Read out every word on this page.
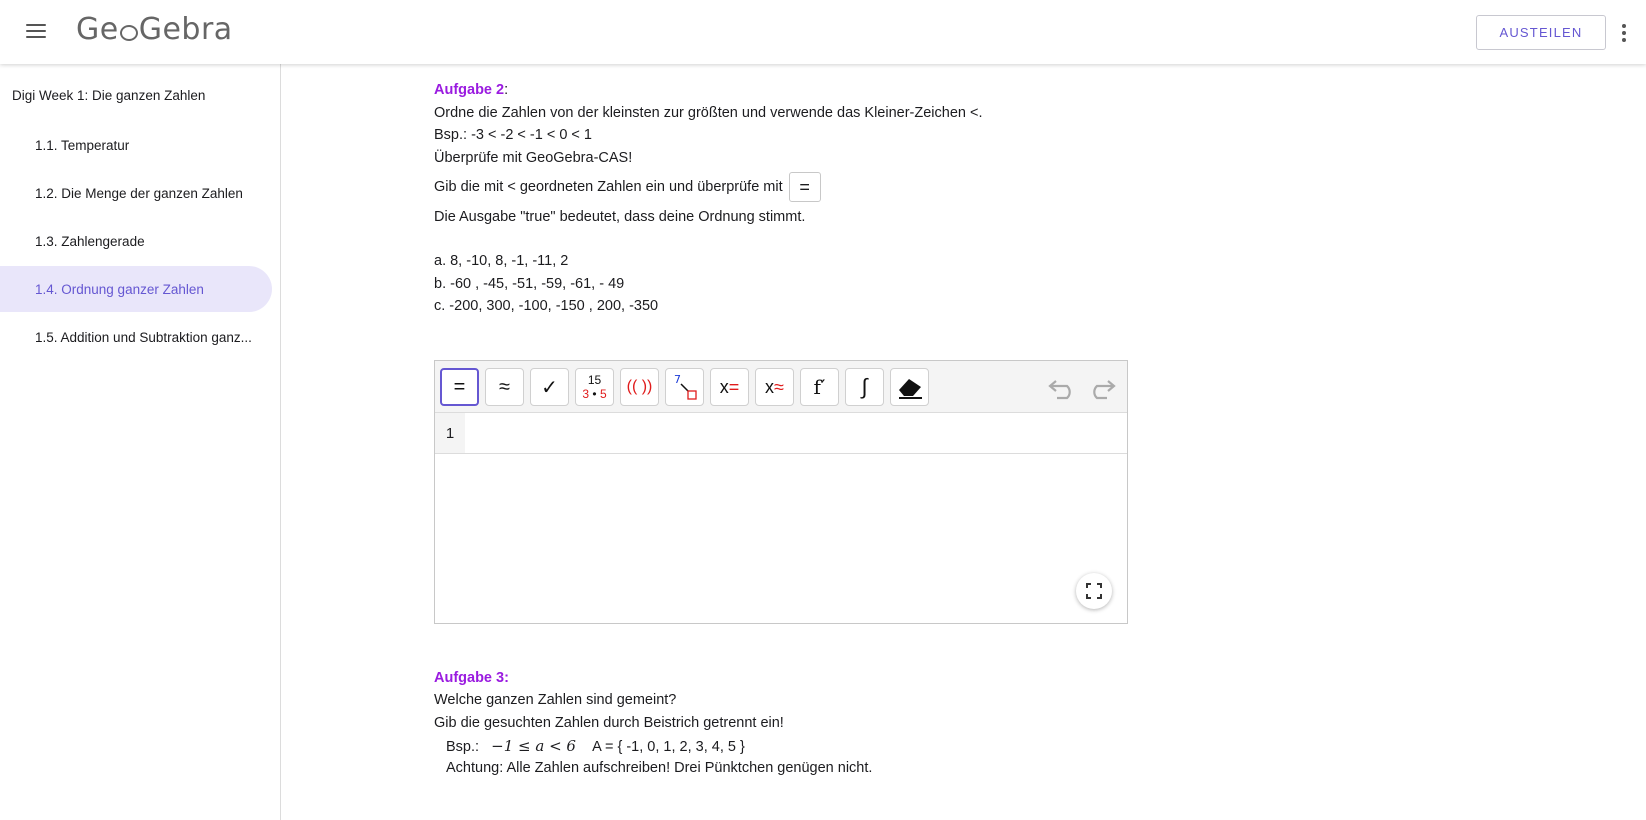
Ge Gebra	AUSTEILEN
Digi Week 1: Die ganzen Zahlen
1.1. Temperatur
1.2. Die Menge der ganzen Zahlen
1.3. Zahlengerade
1.4. Ordnung ganzer Zahlen
1.5. Addition und Subtraktion ganz...
Aufgabe 2:
Ordne die Zahlen von der kleinsten zur größten und verwende das Kleiner-Zeichen <.
Bsp.: -3 < -2 < -1 < 0 < 1
Überprüfe mit GeoGebra-CAS!
Gib die mit < geordneten Zahlen ein und überprüfe mit =
Die Ausgabe "true" bedeutet, dass deine Ordnung stimmt.
a. 8, -10, 8, -1, -11, 2
b. -60 , -45, -51, -59, -61, - 49
c. -200, 300, -100, -150 , 200, -350
Aufgabe 3:
Welche ganzen Zahlen sind gemeint?
Gib die gesuchten Zahlen durch Beistrich getrennt ein!
Bsp.: −1 ≤ a < 6 A = { -1, 0, 1, 2, 3, 4, 5 }
Achtung: Alle Zahlen aufschreiben! Drei Pünktchen genügen nicht.
= ≈ ✓ 15
3 • 5 (( )) 7 x= x≈ f′ ∫
1
